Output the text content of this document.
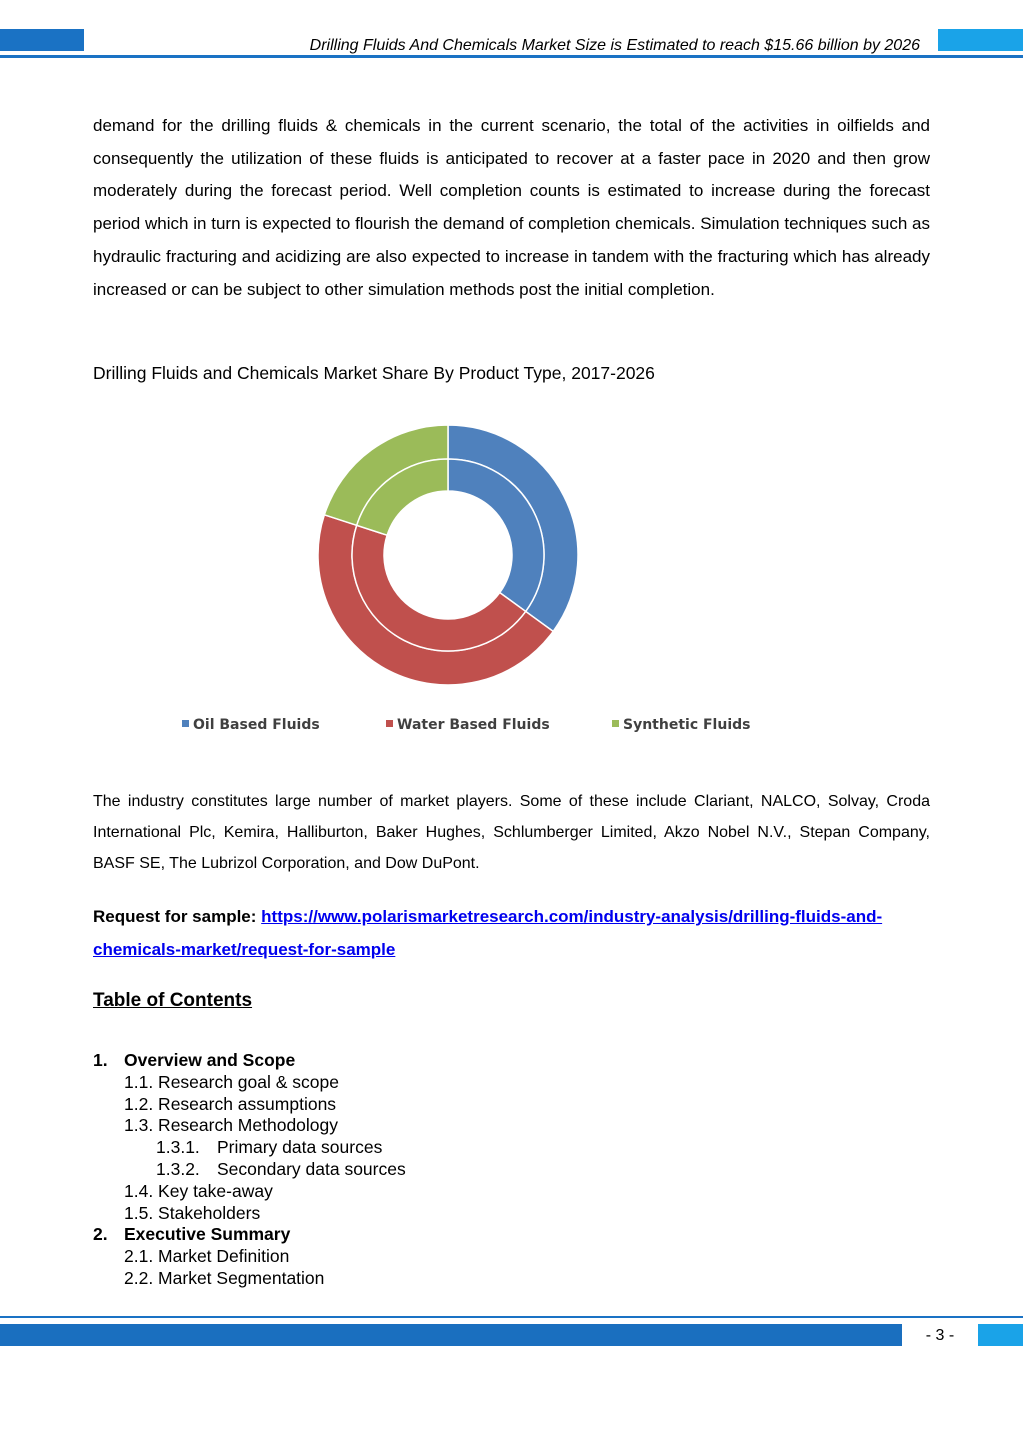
Drilling Fluids And Chemicals Market Size is Estimated to reach $15.66 billion by 2026

demand for the drilling fluids & chemicals in the current scenario, the total of the activities in oilfields and consequently the utilization of these fluids is anticipated to recover at a faster pace in 2020 and then grow moderately during the forecast period. Well completion counts is estimated to increase during the forecast period which in turn is expected to flourish the demand of completion chemicals. Simulation techniques such as hydraulic fracturing and acidizing are also expected to increase in tandem with the fracturing which has already increased or can be subject to other simulation methods post the initial completion.

Drilling Fluids and Chemicals Market Share By Product Type, 2017-2026
Oil Based Fluids	Water Based Fluids	Synthetic Fluids

The industry constitutes large number of market players. Some of these include Clariant, NALCO, Solvay, Croda International Plc, Kemira, Halliburton, Baker Hughes, Schlumberger Limited, Akzo Nobel N.V., Stepan Company, BASF SE, The Lubrizol Corporation, and Dow DuPont.

Request for sample: https://www.polarismarketresearch.com/industry-analysis/drilling-fluids-and-chemicals-market/request-for-sample

Table of Contents
1. Overview and Scope
1.1. Research goal & scope
1.2. Research assumptions
1.3. Research Methodology
1.3.1. Primary data sources
1.3.2. Secondary data sources
1.4. Key take-away
1.5. Stakeholders
2. Executive Summary
2.1. Market Definition
2.2. Market Segmentation
- 3 -
